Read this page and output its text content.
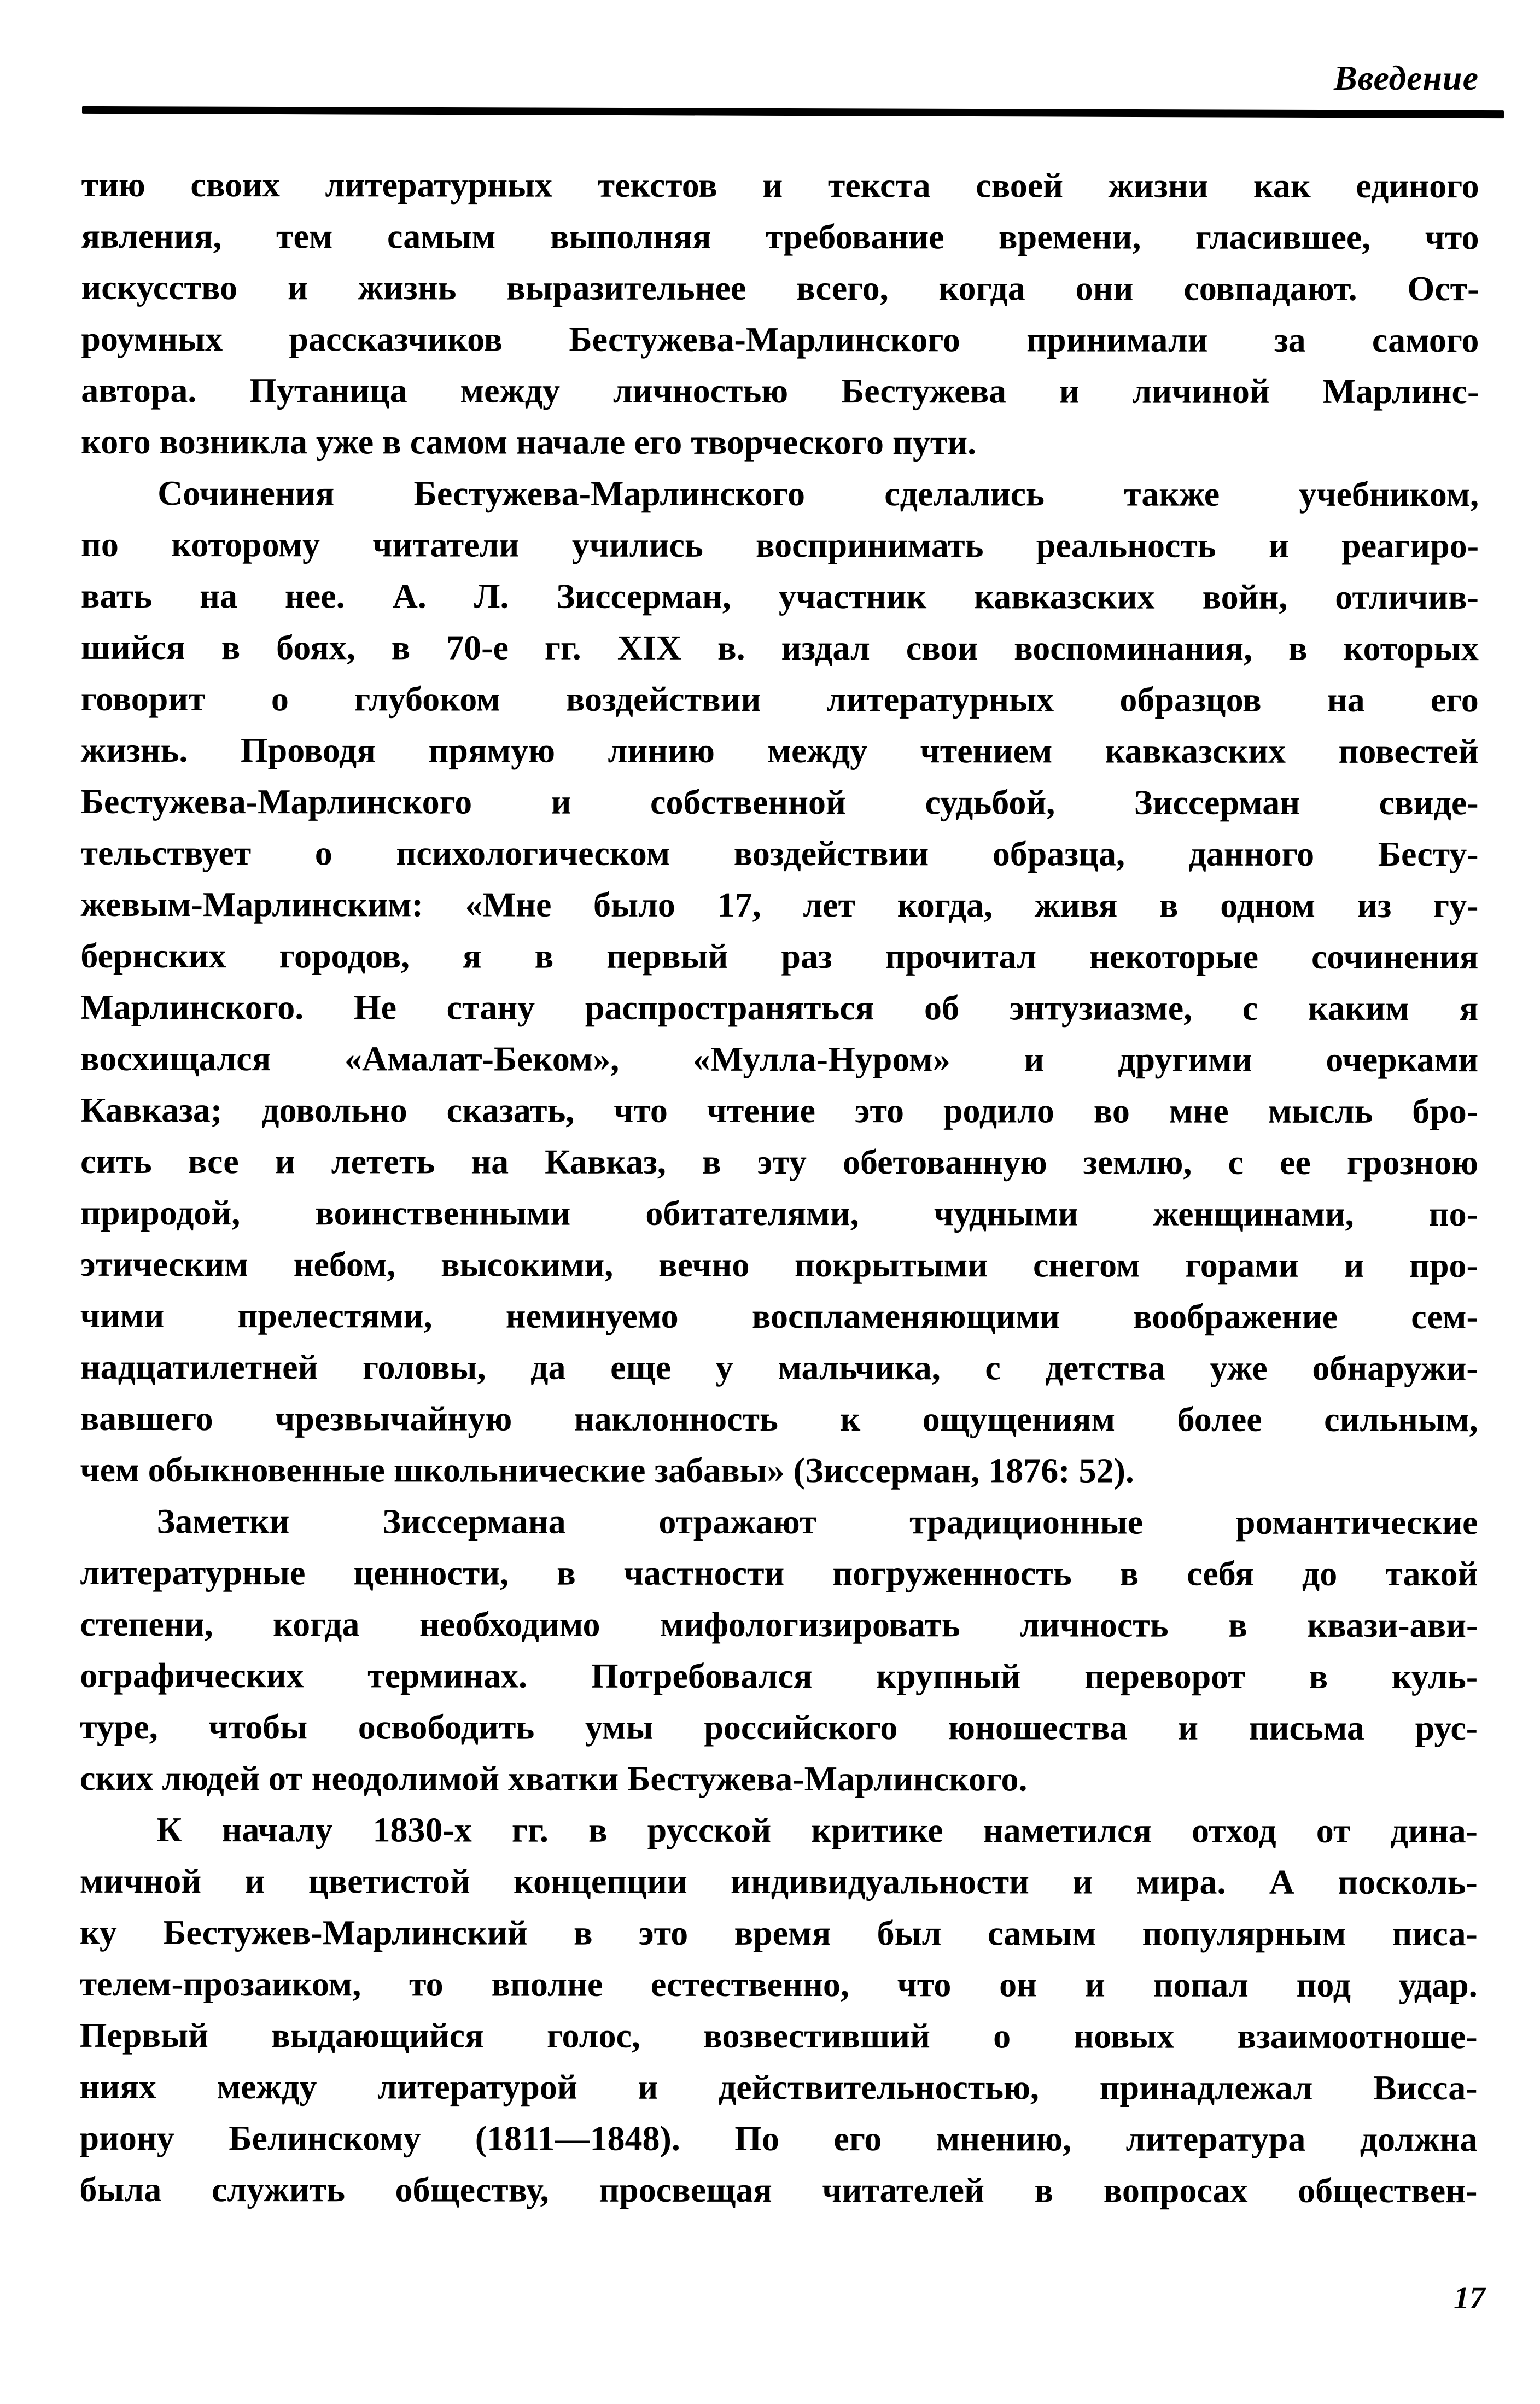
Введение
тию своих литературных текстов и текста своей жизни как единого
явления, тем самым выполняя требование времени, гласившее, что
искусство и жизнь выразительнее всего, когда они совпадают. Ост-
роумных рассказчиков Бестужева-Марлинского принимали за самого
автора. Путаница между личностью Бестужева и личиной Марлинс-
кого возникла уже в самом начале его творческого пути.
Сочинения Бестужева-Марлинского сделались также учебником,
по которому читатели учились воспринимать реальность и реагиро-
вать на нее. А. Л. Зиссерман, участник кавказских войн, отличив-
шийся в боях, в 70-е гг. XIX в. издал свои воспоминания, в которых
говорит о глубоком воздействии литературных образцов на его
жизнь. Проводя прямую линию между чтением кавказских повестей
Бестужева-Марлинского и собственной судьбой, Зиссерман свиде-
тельствует о психологическом воздействии образца, данного Бесту-
жевым-Марлинским: «Мне было 17, лет когда, живя в одном из гу-
бернских городов, я в первый раз прочитал некоторые сочинения
Марлинского. Не стану распространяться об энтузиазме, с каким я
восхищался «Амалат-Беком», «Мулла-Нуром» и другими очерками
Кавказа; довольно сказать, что чтение это родило во мне мысль бро-
сить все и лететь на Кавказ, в эту обетованную землю, с ее грозною
природой, воинственными обитателями, чудными женщинами, по-
этическим небом, высокими, вечно покрытыми снегом горами и про-
чими прелестями, неминуемо воспламеняющими воображение сем-
надцатилетней головы, да еще у мальчика, с детства уже обнаружи-
вавшего чрезвычайную наклонность к ощущениям более сильным,
чем обыкновенные школьнические забавы» (Зиссерман, 1876: 52).
Заметки Зиссермана отражают традиционные романтические
литературные ценности, в частности погруженность в себя до такой
степени, когда необходимо мифологизировать личность в квази-ави-
ографических терминах. Потребовался крупный переворот в куль-
туре, чтобы освободить умы российского юношества и письма рус-
ских людей от неодолимой хватки Бестужева-Марлинского.
К началу 1830-х гг. в русской критике наметился отход от дина-
мичной и цветистой концепции индивидуальности и мира. А посколь-
ку Бестужев-Марлинский в это время был самым популярным писа-
телем-прозаиком, то вполне естественно, что он и попал под удар.
Первый выдающийся голос, возвестивший о новых взаимоотноше-
ниях между литературой и действительностью, принадлежал Висса-
риону Белинскому (1811—1848). По его мнению, литература должна
была служить обществу, просвещая читателей в вопросах обществен-
17
